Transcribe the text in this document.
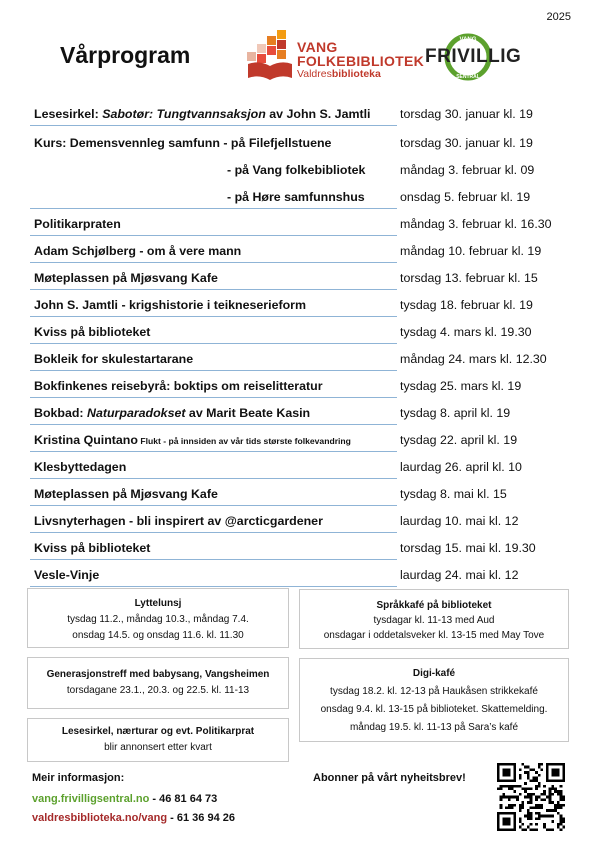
2025
Vårprogram	VANG
FOLKEBIBLIOTEK
Valdresbiblioteka
VANG
SENTRAL
FRIVILLIG
Lesesirkel: Sabotør: Tungtvannsaksjon av John S. Jamtli torsdag 30. januar kl. 19
Kurs: Demensvennleg samfunn - på Filefjellstuene	torsdag 30. januar kl. 19
- på Vang folkebibliotek	måndag 3. februar kl. 09
- på Høre samfunnshus	onsdag 5. februar kl. 19
Politikarpraten	måndag 3. februar kl. 16.30
Adam Schjølberg - om å vere mann	måndag 10. februar kl. 19
Møteplassen på Mjøsvang Kafe	torsdag 13. februar kl. 15
John S. Jamtli - krigshistorie i teikneserieform	tysdag 18. februar kl. 19
Kviss på biblioteket	tysdag 4. mars kl. 19.30
Bokleik for skulestartarane	måndag 24. mars kl. 12.30
Bokfinkenes reisebyrå: boktips om reiselitteratur	tysdag 25. mars kl. 19
Bokbad: Naturparadokset av Marit Beate Kasin	tysdag 8. april kl. 19
Kristina Quintano Flukt - på innsiden av vår tids største folkevandring	tysdag 22. april kl. 19
Klesbyttedagen	laurdag 26. april kl. 10
Møteplassen på Mjøsvang Kafe	tysdag 8. mai kl. 15
Livsnyterhagen - bli inspirert av @arcticgardener	laurdag 10. mai kl. 12
Kviss på biblioteket	torsdag 15. mai kl. 19.30
Vesle-Vinje	laurdag 24. mai kl. 12
Lyttelunsj
tysdag 11.2., måndag 10.3., måndag 7.4.
onsdag 14.5. og onsdag 11.6. kl. 11.30
Generasjonstreff med babysang, Vangsheimen
torsdagane 23.1., 20.3. og 22.5. kl. 11-13
Lesesirkel, nærturar og evt. Politikarprat
blir annonsert etter kvart
Språkkafé på biblioteket
tysdagar kl. 11-13 med Aud
onsdagar i oddetalsveker kl. 13-15 med May Tove
Digi-kafé
tysdag 18.2. kl. 12-13 på Haukåsen strikkekafé
onsdag 9.4. kl. 13-15 på biblioteket. Skattemelding.
måndag 19.5. kl. 11-13 på Sara’s kafé
Meir informasjon:
vang.frivilligsentral.no - 46 81 64 73
valdresbiblioteka.no/vang - 61 36 94 26
Abonner på vårt nyheitsbrev!
